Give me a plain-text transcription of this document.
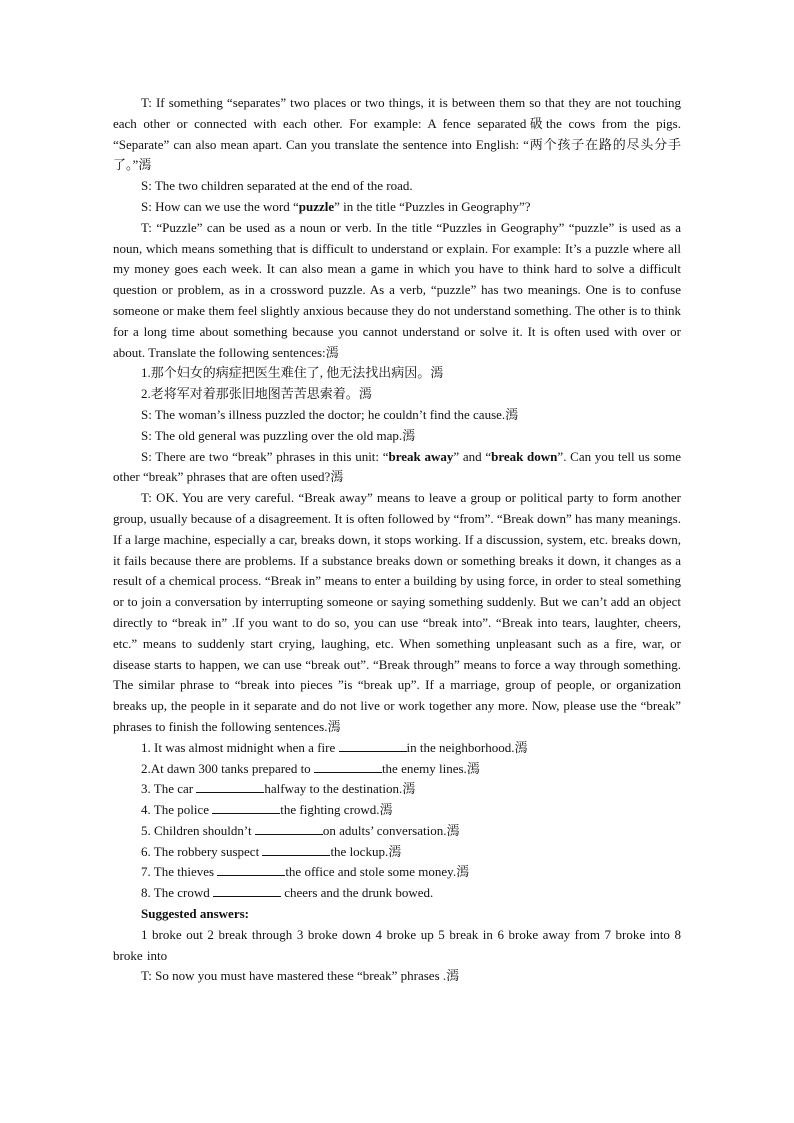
T: If something “separates” two places or two things, it is between them so that they are not touching each other or connected with each other. For example: A fence separated砐the cows from the pigs. “Separate” can also mean apart. Can you translate the sentence into English: “两个孩子在路的尽头分手了。”漹

S: The two children separated at the end of the road.

S: How can we use the word “puzzle” in the title “Puzzles in Geography”?

T: “Puzzle” can be used as a noun or verb. In the title “Puzzles in Geography” “puzzle” is used as a noun, which means something that is difficult to understand or explain. For example: It’s a puzzle where all my money goes each week. It can also mean a game in which you have to think hard to solve a difficult question or problem, as in a crossword puzzle. As a verb, “puzzle” has two meanings. One is to confuse someone or make them feel slightly anxious because they do not understand something. The other is to think for a long time about something because you cannot understand or solve it. It is often used with over or about. Translate the following sentences:漹

1.那个妇女的病症把医生难住了, 他无法找出病因。漹

2.老将军对着那张旧地图苦苦思索着。漹

S: The woman’s illness puzzled the doctor; he couldn’t find the cause.漹

S: The old general was puzzling over the old map.漹

S: There are two “break” phrases in this unit: “break away” and “break down”. Can you tell us some other “break” phrases that are often used?漹

T: OK. You are very careful. “Break away” means to leave a group or political party to form another group, usually because of a disagreement. It is often followed by “from”. “Break down” has many meanings. If a large machine, especially a car, breaks down, it stops working. If a discussion, system, etc. breaks down, it fails because there are problems. If a substance breaks down or something breaks it down, it changes as a result of a chemical process. “Break in” means to enter a building by using force, in order to steal something or to join a conversation by interrupting someone or saying something suddenly. But we can’t add an object directly to “break in” .If you want to do so, you can use “break into”. “Break into tears, laughter, cheers, etc.” means to suddenly start crying, laughing, etc. When something unpleasant such as a fire, war, or disease starts to happen, we can use “break out”. “Break through” means to force a way through something. The similar phrase to “break into pieces ”is “break up”. If a marriage, group of people, or organization breaks up, the people in it separate and do not live or work together any more. Now, please use the “break” phrases to finish the following sentences.漹

1. It was almost midnight when a fire	in the neighborhood.漹

2.At dawn 300 tanks prepared to	the enemy lines.漹

3. The car	halfway to the destination.漹

4. The police	the fighting crowd.漹

5. Children shouldn’t	on adults’ conversation.漹

6. The robbery suspect	the lockup.漹

7. The thieves	the office and stole some money.漹

8. The crowd	cheers and the drunk bowed.

Suggested answers:

1 broke out 2 break through 3 broke down 4 broke up 5 break in 6 broke away from 7 broke into 8 broke into

T: So now you must have mastered these “break” phrases .漹
